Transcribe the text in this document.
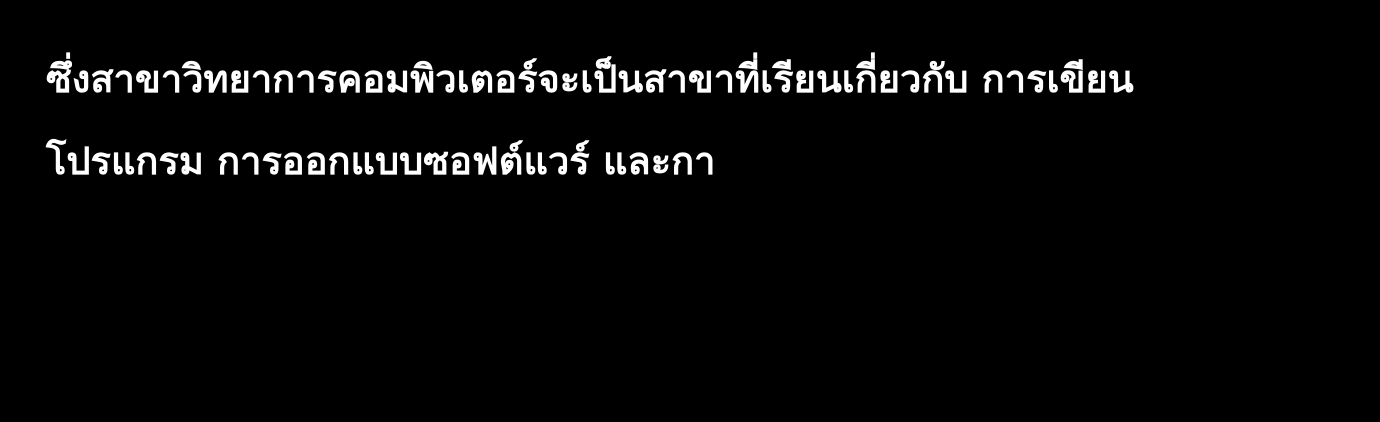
ซึ่งสาขาวิทยาการคอมพิวเตอร์จะเป็นสาขาที่เรียนเกี่ยวกับ การเขียน
โปรแกรม การออกแบบซอฟต์แวร์ และกา
